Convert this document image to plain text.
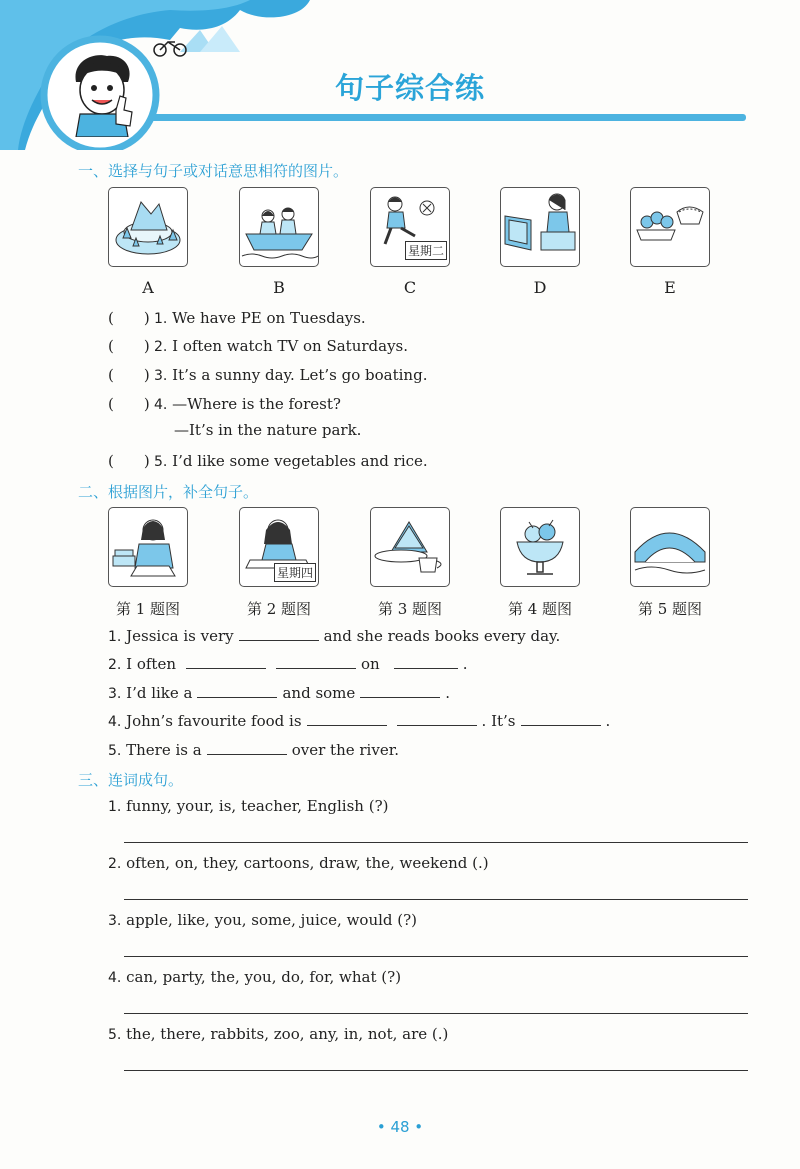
句子综合练
一、选择与句子或对话意思相符的图片。
星期二
A	B	C	D	E
(　　) 1. We have PE on Tuesdays.
(　　) 2. I often watch TV on Saturdays.
(　　) 3. It’s a sunny day. Let’s go boating.
(　　) 4. —Where is the forest?
—It’s in the nature park.
(　　) 5. I’d like some vegetables and rice.
二、根据图片，补全句子。
星期四
第 1 题图	第 2 题图	第 3 题图	第 4 题图	第 5 题图
1. Jessica is very	and she reads books every day.
2. I often	on	.
3. I’d like a	and some	.
4. John’s favourite food is	. It’s	.
5. There is a	over the river.
三、连词成句。
1. funny, your, is, teacher, English (?)
2. often, on, they, cartoons, draw, the, weekend (.)
3. apple, like, you, some, juice, would (?)
4. can, party, the, you, do, for, what (?)
5. the, there, rabbits, zoo, any, in, not, are (.)
• 48 •
